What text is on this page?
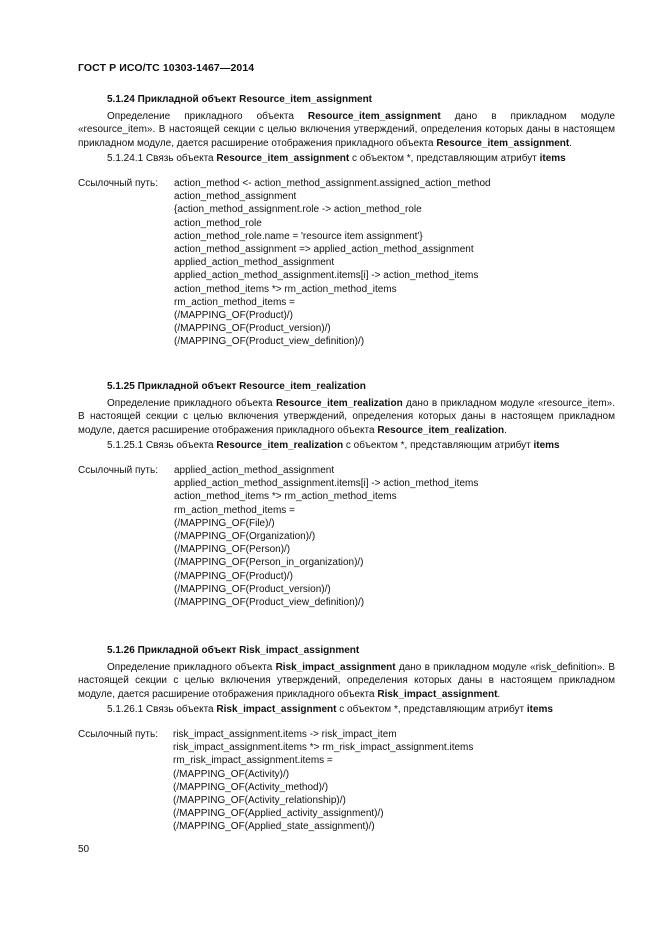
ГОСТ Р ИСО/ТС 10303-1467—2014
5.1.24 Прикладной объект Resource_item_assignment

Определение прикладного объекта Resource_item_assignment дано в прикладном модуле «resource_item». В настоящей секции с целью включения утверждений, определения которых даны в настоящем прикладном модуле, дается расширение отображения прикладного объекта Resource_item_assignment.

5.1.24.1 Связь объекта Resource_item_assignment с объектом *, представляющим атрибут items
Ссылочный путь: action_method <- action_method_assignment.assigned_action_method
action_method_assignment
{action_method_assignment.role -> action_method_role
action_method_role
action_method_role.name = 'resource item assignment'}
action_method_assignment => applied_action_method_assignment
applied_action_method_assignment
applied_action_method_assignment.items[i] -> action_method_items
action_method_items *> rm_action_method_items
rm_action_method_items =
(/MAPPING_OF(Product)/)
(/MAPPING_OF(Product_version)/)
(/MAPPING_OF(Product_view_definition)/)
5.1.25 Прикладной объект Resource_item_realization

Определение прикладного объекта Resource_item_realization дано в прикладном модуле «resource_item». В настоящей секции с целью включения утверждений, определения которых даны в настоящем прикладном модуле, дается расширение отображения прикладного объекта Resource_item_realization.

5.1.25.1 Связь объекта Resource_item_realization с объектом *, представляющим атрибут items
Ссылочный путь: applied_action_method_assignment
applied_action_method_assignment.items[i] -> action_method_items
action_method_items *> rm_action_method_items
rm_action_method_items =
(/MAPPING_OF(File)/)
(/MAPPING_OF(Organization)/)
(/MAPPING_OF(Person)/)
(/MAPPING_OF(Person_in_organization)/)
(/MAPPING_OF(Product)/)
(/MAPPING_OF(Product_version)/)
(/MAPPING_OF(Product_view_definition)/)
5.1.26 Прикладной объект Risk_impact_assignment

Определение прикладного объекта Risk_impact_assignment дано в прикладном модуле «risk_definition». В настоящей секции с целью включения утверждений, определения которых даны в настоящем прикладном модуле, дается расширение отображения прикладного объекта Risk_impact_assignment.

5.1.26.1 Связь объекта Risk_impact_assignment с объектом *, представляющим атрибут items
Ссылочный путь: risk_impact_assignment.items -> risk_impact_item
risk_impact_assignment.items *> rm_risk_impact_assignment.items
rm_risk_impact_assignment.items =
(/MAPPING_OF(Activity)/)
(/MAPPING_OF(Activity_method)/)
(/MAPPING_OF(Activity_relationship)/)
(/MAPPING_OF(Applied_activity_assignment)/)
(/MAPPING_OF(Applied_state_assignment)/)
50
